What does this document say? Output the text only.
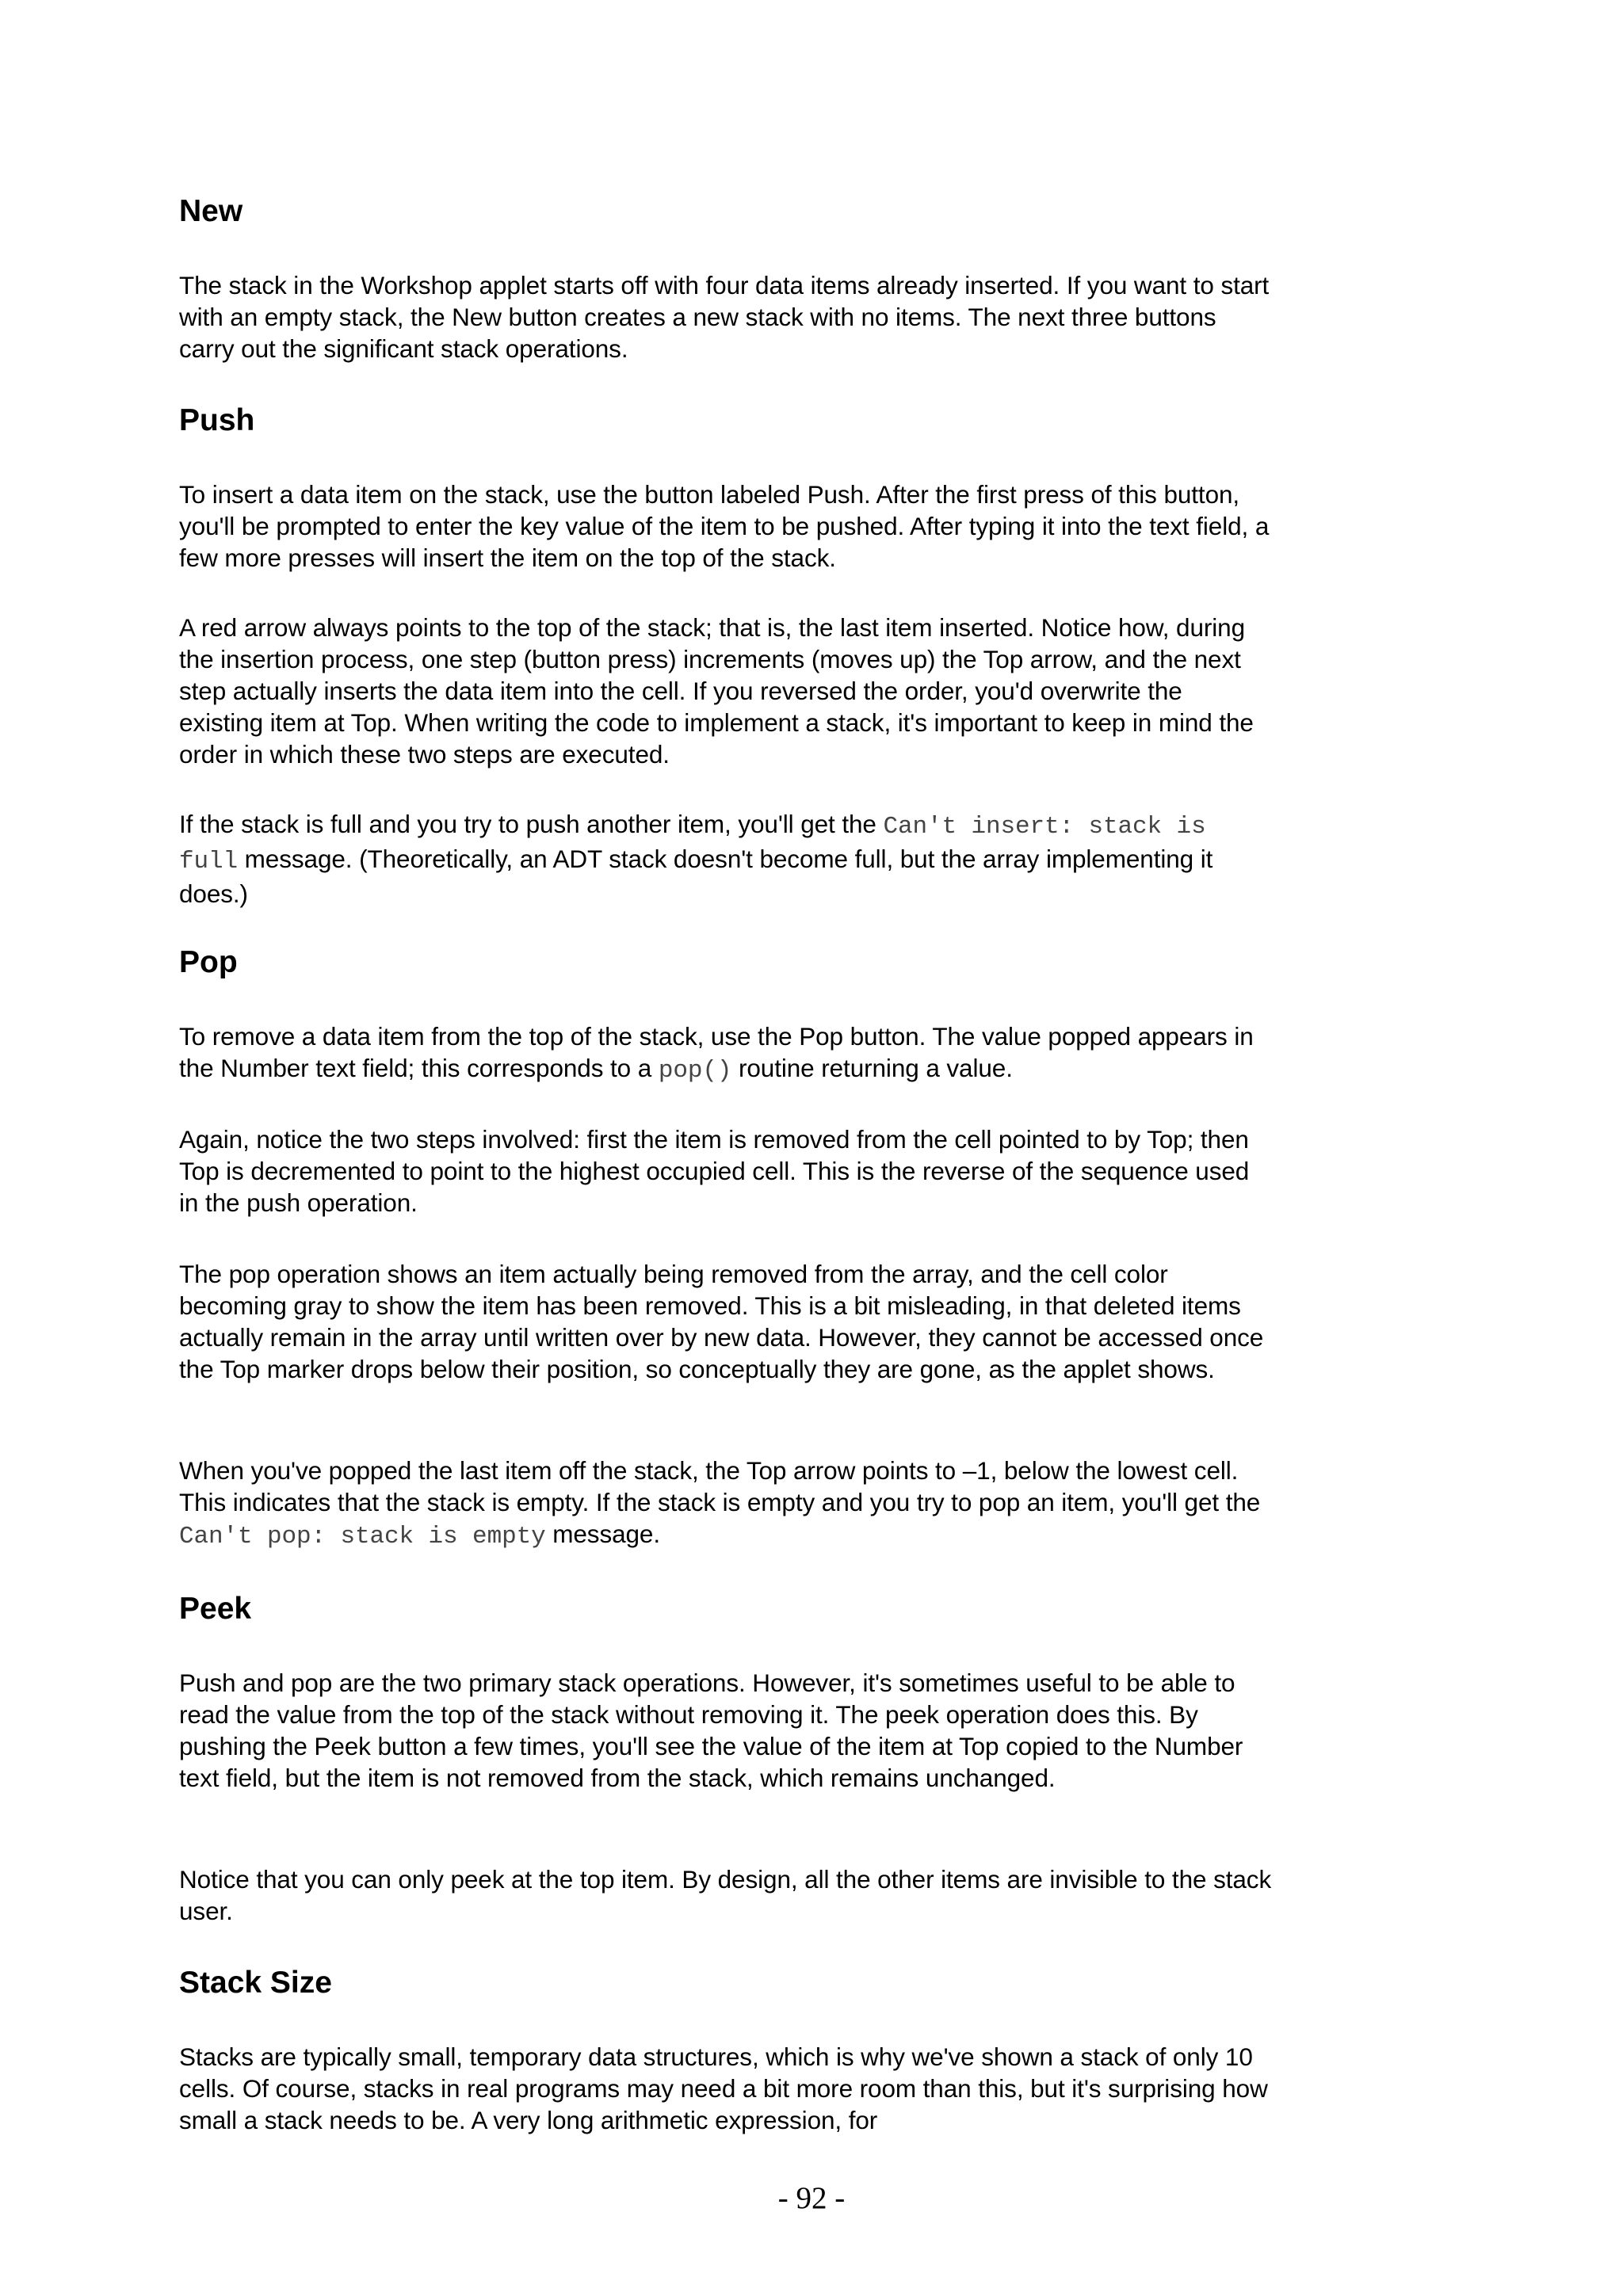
New

The stack in the Workshop applet starts off with four data items already inserted. If you want to start with an empty stack, the New button creates a new stack with no items. The next three buttons carry out the significant stack operations.

Push

To insert a data item on the stack, use the button labeled Push. After the first press of this button, you'll be prompted to enter the key value of the item to be pushed. After typing it into the text field, a few more presses will insert the item on the top of the stack.

A red arrow always points to the top of the stack; that is, the last item inserted. Notice how, during the insertion process, one step (button press) increments (moves up) the Top arrow, and the next step actually inserts the data item into the cell. If you reversed the order, you'd overwrite the existing item at Top. When writing the code to implement a stack, it's important to keep in mind the order in which these two steps are executed.

If the stack is full and you try to push another item, you'll get the Can't insert: stack is full message. (Theoretically, an ADT stack doesn't become full, but the array implementing it does.)

Pop

To remove a data item from the top of the stack, use the Pop button. The value popped appears in the Number text field; this corresponds to a pop() routine returning a value.

Again, notice the two steps involved: first the item is removed from the cell pointed to by Top; then Top is decremented to point to the highest occupied cell. This is the reverse of the sequence used in the push operation.

The pop operation shows an item actually being removed from the array, and the cell color becoming gray to show the item has been removed. This is a bit misleading, in that deleted items actually remain in the array until written over by new data. However, they cannot be accessed once the Top marker drops below their position, so conceptually they are gone, as the applet shows.

When you've popped the last item off the stack, the Top arrow points to –1, below the lowest cell. This indicates that the stack is empty. If the stack is empty and you try to pop an item, you'll get the Can't pop: stack is empty message.

Peek

Push and pop are the two primary stack operations. However, it's sometimes useful to be able to read the value from the top of the stack without removing it. The peek operation does this. By pushing the Peek button a few times, you'll see the value of the item at Top copied to the Number text field, but the item is not removed from the stack, which remains unchanged.

Notice that you can only peek at the top item. By design, all the other items are invisible to the stack user.

Stack Size

Stacks are typically small, temporary data structures, which is why we've shown a stack of only 10 cells. Of course, stacks in real programs may need a bit more room than this, but it's surprising how small a stack needs to be. A very long arithmetic expression, for

- 92 -
